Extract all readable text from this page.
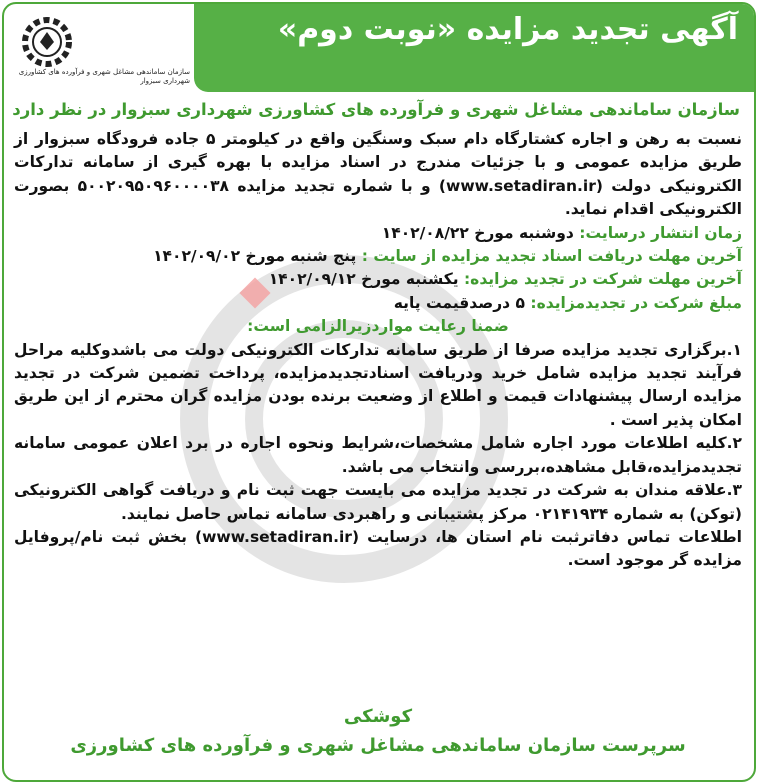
سازمان ساماندهی مشاغل شهری و فرآورده های کشاورزی شهرداری سبزوار
آگهی تجدید مزایده «نوبت دوم»
سازمان ساماندهی مشاغل شهری و فرآورده های کشاورزی شهرداری سبزوار در نظر دارد

نسبت به رهن و اجاره کشتارگاه دام سبک وسنگین واقع در کیلومتر ۵ جاده فرودگاه سبزوار از طریق مزایده عمومی و با جزئیات مندرج در اسناد مزایده با بهره گیری از سامانه تدارکات الکترونیکی دولت (www.setadiran.ir) و با شماره تجدید مزایده ۵۰۰۲۰۹۵۰۹۶۰۰۰۰۳۸ بصورت الکترونیکی اقدام نماید.

زمان انتشار درسایت: دوشنبه مورخ ۱۴۰۲/۰۸/۲۲

آخرین مهلت دریافت اسناد تجدید مزایده از سایت : پنج شنبه مورخ ۱۴۰۲/۰۹/۰۲

آخرین مهلت شرکت در تجدید مزایده: یکشنبه مورخ ۱۴۰۲/۰۹/۱۲

مبلغ شرکت در تجدیدمزایده: ۵ درصدقیمت پایه

ضمنا رعایت مواردزیرالزامی است:

۱.برگزاری تجدید مزایده صرفا از طریق سامانه تدارکات الکترونیکی دولت می باشدوکلیه مراحل فرآیند تجدید مزایده شامل خرید ودریافت اسنادتجدیدمزایده، پرداخت تضمین شرکت در تجدید مزایده ارسال پیشنهادات قیمت و اطلاع از وضعیت برنده بودن مزایده گران محترم از این طریق امکان پذیر است .

۲.کلیه اطلاعات مورد اجاره شامل مشخصات،شرایط ونحوه اجاره در برد اعلان عمومی سامانه تجدیدمزایده،قابل مشاهده،بررسی وانتخاب می باشد.

۳.علاقه مندان به شرکت در تجدید مزایده می بایست جهت ثبت نام و دریافت گواهی الکترونیکی (توکن) به شماره ۰۲۱۴۱۹۳۴ مرکز پشتیبانی و راهبردی سامانه تماس حاصل نمایند.

اطلاعات تماس دفاترثبت نام استان ها، درسایت (www.setadiran.ir) بخش ثبت نام/پروفایل مزایده گر موجود است.

کوشکی
سرپرست سازمان ساماندهی مشاغل شهری و فرآورده های کشاورزی
